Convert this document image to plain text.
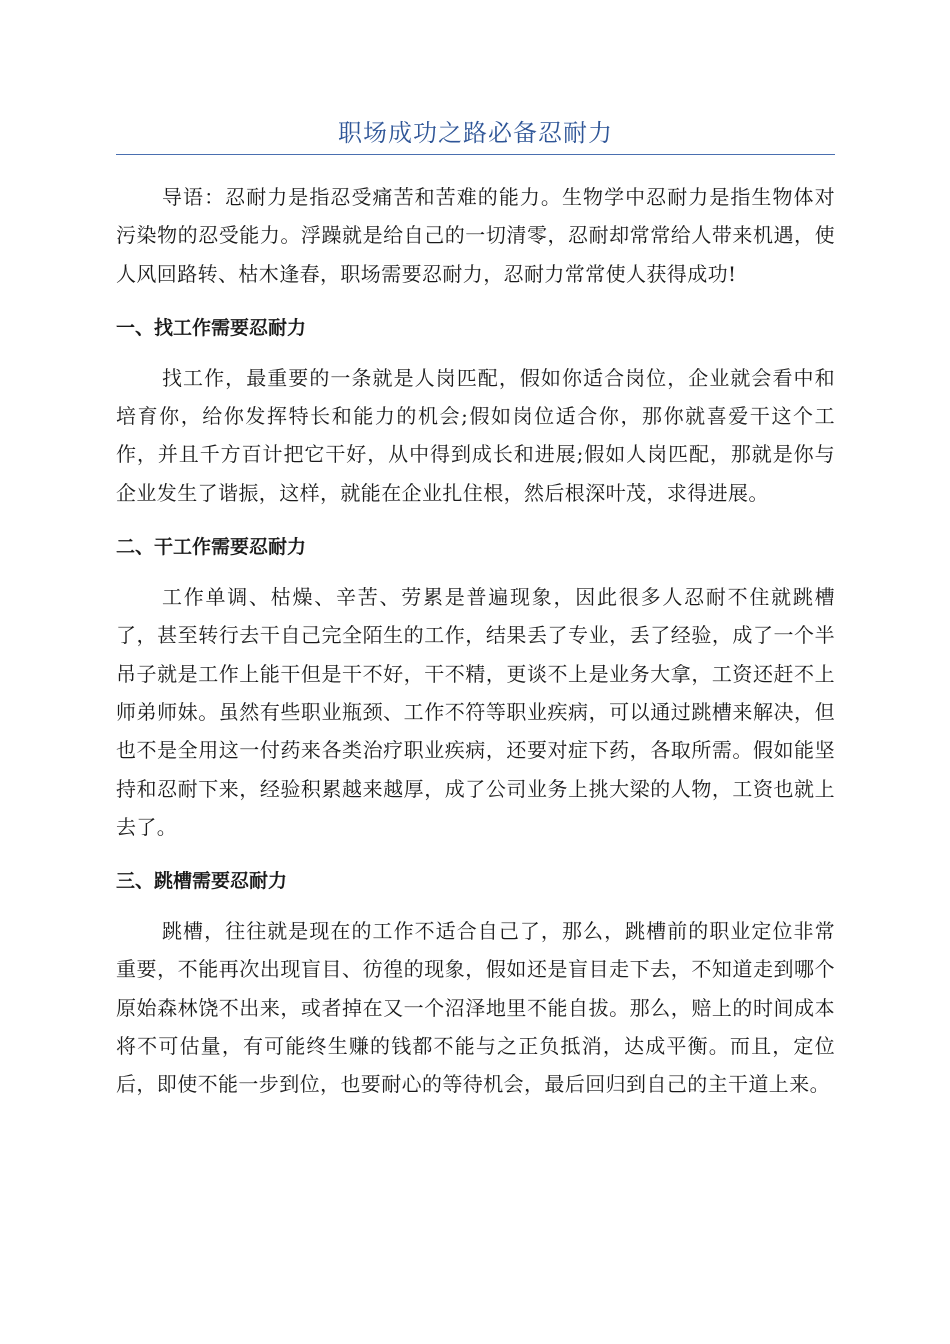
职场成功之路必备忍耐力

导语：忍耐力是指忍受痛苦和苦难的能力。生物学中忍耐力是指生物体对污染物的忍受能力。浮躁就是给自己的一切清零，忍耐却常常给人带来机遇，使人风回路转、枯木逢春，职场需要忍耐力，忍耐力常常使人获得成功!

一、找工作需要忍耐力

找工作，最重要的一条就是人岗匹配，假如你适合岗位，企业就会看中和培育你，给你发挥特长和能力的机会;假如岗位适合你，那你就喜爱干这个工作，并且千方百计把它干好，从中得到成长和进展;假如人岗匹配，那就是你与企业发生了谐振，这样，就能在企业扎住根，然后根深叶茂，求得进展。

二、干工作需要忍耐力

工作单调、枯燥、辛苦、劳累是普遍现象，因此很多人忍耐不住就跳槽了，甚至转行去干自己完全陌生的工作，结果丢了专业，丢了经验，成了一个半吊子就是工作上能干但是干不好，干不精，更谈不上是业务大拿，工资还赶不上师弟师妹。虽然有些职业瓶颈、工作不符等职业疾病，可以通过跳槽来解决，但也不是全用这一付药来各类治疗职业疾病，还要对症下药，各取所需。假如能坚持和忍耐下来，经验积累越来越厚，成了公司业务上挑大梁的人物，工资也就上去了。

三、跳槽需要忍耐力

跳槽，往往就是现在的工作不适合自己了，那么，跳槽前的职业定位非常重要，不能再次出现盲目、彷徨的现象，假如还是盲目走下去，不知道走到哪个原始森林饶不出来，或者掉在又一个沼泽地里不能自拔。那么，赔上的时间成本将不可估量，有可能终生赚的钱都不能与之正负抵消，达成平衡。而且，定位后，即使不能一步到位，也要耐心的等待机会，最后回归到自己的主干道上来。
